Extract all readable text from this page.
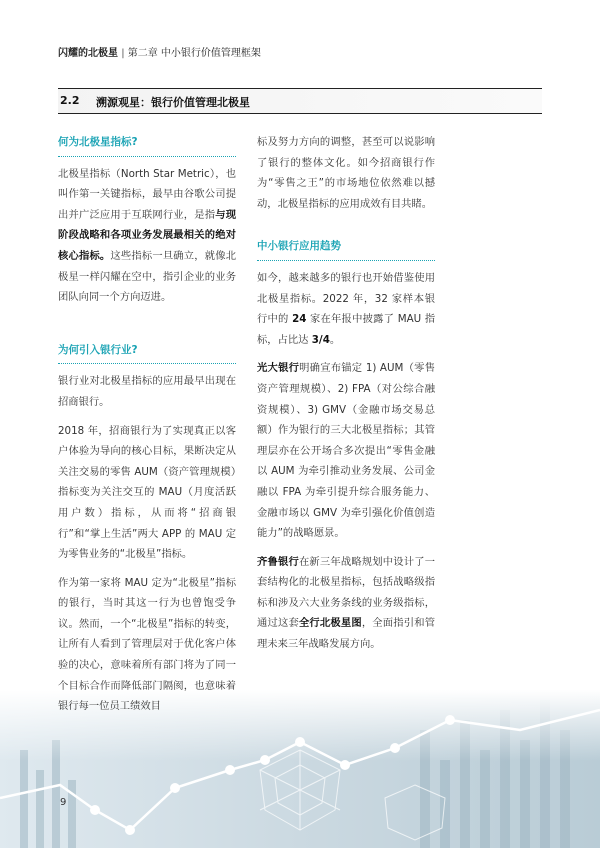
闪耀的北极星 | 第二章 中小银行价值管理框架
2.2 溯源观星：银行价值管理北极星
何为北极星指标?

北极星指标（North Star Metric），也叫作第一关键指标，最早由谷歌公司提出并广泛应用于互联网行业，是指与现阶段战略和各项业务发展最相关的绝对核心指标。这些指标一旦确立，就像北极星一样闪耀在空中，指引企业的业务团队向同一个方向迈进。

为何引入银行业?

银行业对北极星指标的应用最早出现在招商银行。

2018 年，招商银行为了实现真正以客户体验为导向的核心目标，果断决定从关注交易的零售 AUM（资产管理规模）指标变为关注交互的 MAU（月度活跃用户数）指标，从而将“招商银行”和“掌上生活”两大 APP 的 MAU 定为零售业务的“北极星”指标。

作为第一家将 MAU 定为“北极星”指标的银行，当时其这一行为也曾饱受争议。然而，一个“北极星”指标的转变，让所有人看到了管理层对于优化客户体验的决心，意味着所有部门将为了同一个目标合作而降低部门隔阂，也意味着银行每一位员工绩效目

标及努力方向的调整，甚至可以说影响了银行的整体文化。如今招商银行作为“零售之王”的市场地位依然难以撼动，北极星指标的应用成效有目共睹。

中小银行应用趋势

如今，越来越多的银行也开始借鉴使用北极星指标。2022 年，32 家样本银行中的 24 家在年报中披露了 MAU 指标，占比达 3/4。

光大银行明确宣布锚定 1) AUM（零售资产管理规模）、2) FPA（对公综合融资规模）、3) GMV（金融市场交易总额）作为银行的三大北极星指标；其管理层亦在公开场合多次提出“零售金融以 AUM 为牵引推动业务发展、公司金融以 FPA 为牵引提升综合服务能力、金融市场以 GMV 为牵引强化价值创造能力”的战略愿景。

齐鲁银行在新三年战略规划中设计了一套结构化的北极星指标，包括战略级指标和涉及六大业务条线的业务级指标，通过这套全行北极星图，全面指引和管理未来三年战略发展方向。

9
